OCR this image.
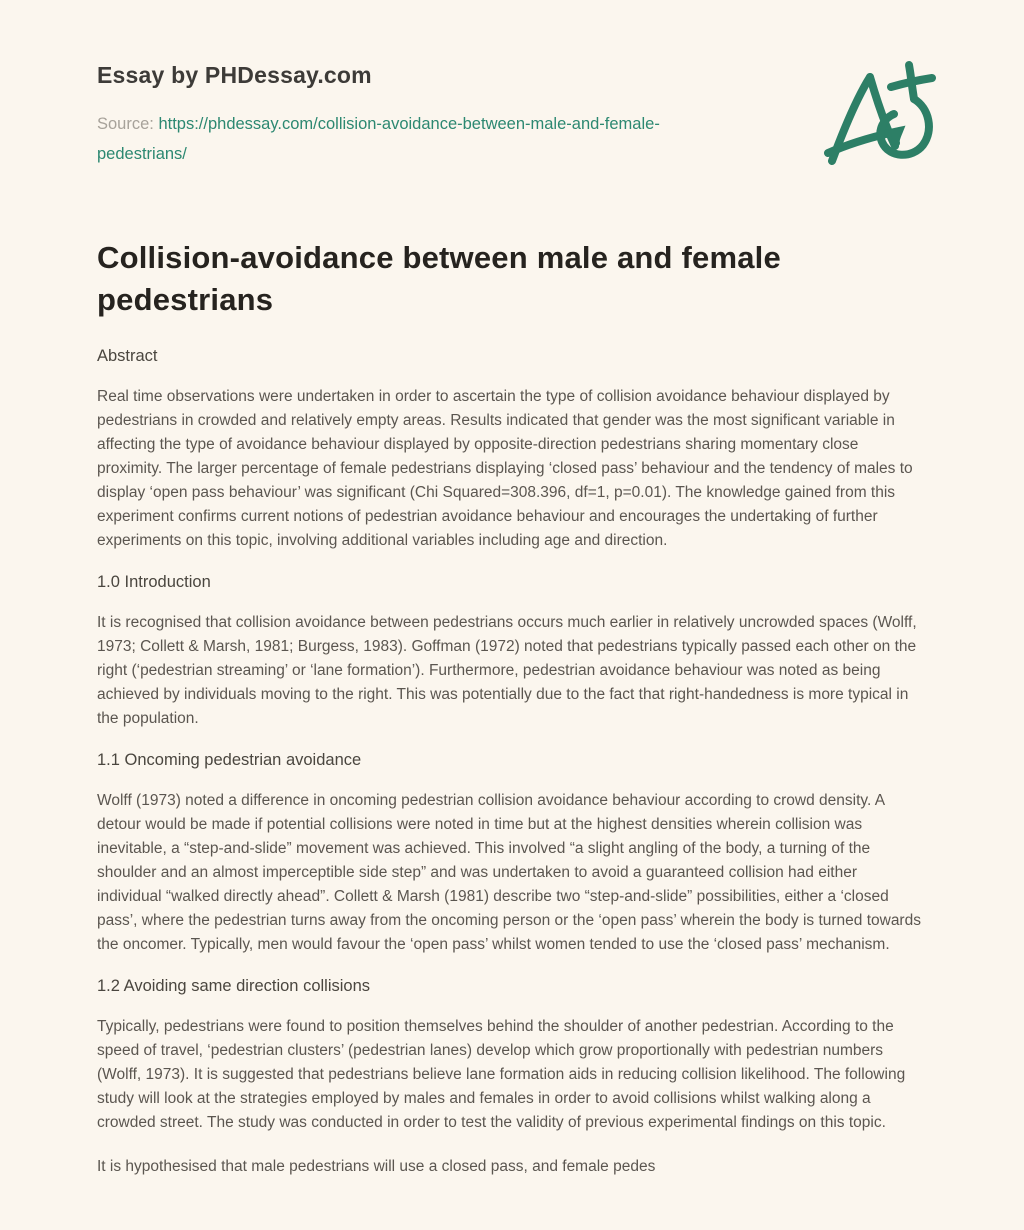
Essay by PHDessay.com
Source: https://phdessay.com/collision-avoidance-between-male-and-female-pedestrians/
Collision-avoidance between male and female pedestrians
Abstract

Real time observations were undertaken in order to ascertain the type of collision avoidance behaviour displayed by pedestrians in crowded and relatively empty areas. Results indicated that gender was the most significant variable in affecting the type of avoidance behaviour displayed by opposite-direction pedestrians sharing momentary close proximity. The larger percentage of female pedestrians displaying ‘closed pass’ behaviour and the tendency of males to display ‘open pass behaviour’ was significant (Chi Squared=308.396, df=1, p=0.01). The knowledge gained from this experiment confirms current notions of pedestrian avoidance behaviour and encourages the undertaking of further experiments on this topic, involving additional variables including age and direction.

1.0 Introduction

It is recognised that collision avoidance between pedestrians occurs much earlier in relatively uncrowded spaces (Wolff, 1973; Collett & Marsh, 1981; Burgess, 1983). Goffman (1972) noted that pedestrians typically passed each other on the right (‘pedestrian streaming’ or ‘lane formation’). Furthermore, pedestrian avoidance behaviour was noted as being achieved by individuals moving to the right. This was potentially due to the fact that right-handedness is more typical in the population.

1.1 Oncoming pedestrian avoidance

Wolff (1973) noted a difference in oncoming pedestrian collision avoidance behaviour according to crowd density. A detour would be made if potential collisions were noted in time but at the highest densities wherein collision was inevitable, a “step-and-slide” movement was achieved. This involved “a slight angling of the body, a turning of the shoulder and an almost imperceptible side step” and was undertaken to avoid a guaranteed collision had either individual “walked directly ahead”. Collett & Marsh (1981) describe two “step-and-slide” possibilities, either a ‘closed pass’, where the pedestrian turns away from the oncoming person or the ‘open pass’ wherein the body is turned towards the oncomer. Typically, men would favour the ‘open pass’ whilst women tended to use the ‘closed pass’ mechanism.

1.2 Avoiding same direction collisions

Typically, pedestrians were found to position themselves behind the shoulder of another pedestrian. According to the speed of travel, ‘pedestrian clusters’ (pedestrian lanes) develop which grow proportionally with pedestrian numbers (Wolff, 1973). It is suggested that pedestrians believe lane formation aids in reducing collision likelihood. The following study will look at the strategies employed by males and females in order to avoid collisions whilst walking along a crowded street. The study was conducted in order to test the validity of previous experimental findings on this topic.

It is hypothesised that male pedestrians will use a closed pass, and female pedes
